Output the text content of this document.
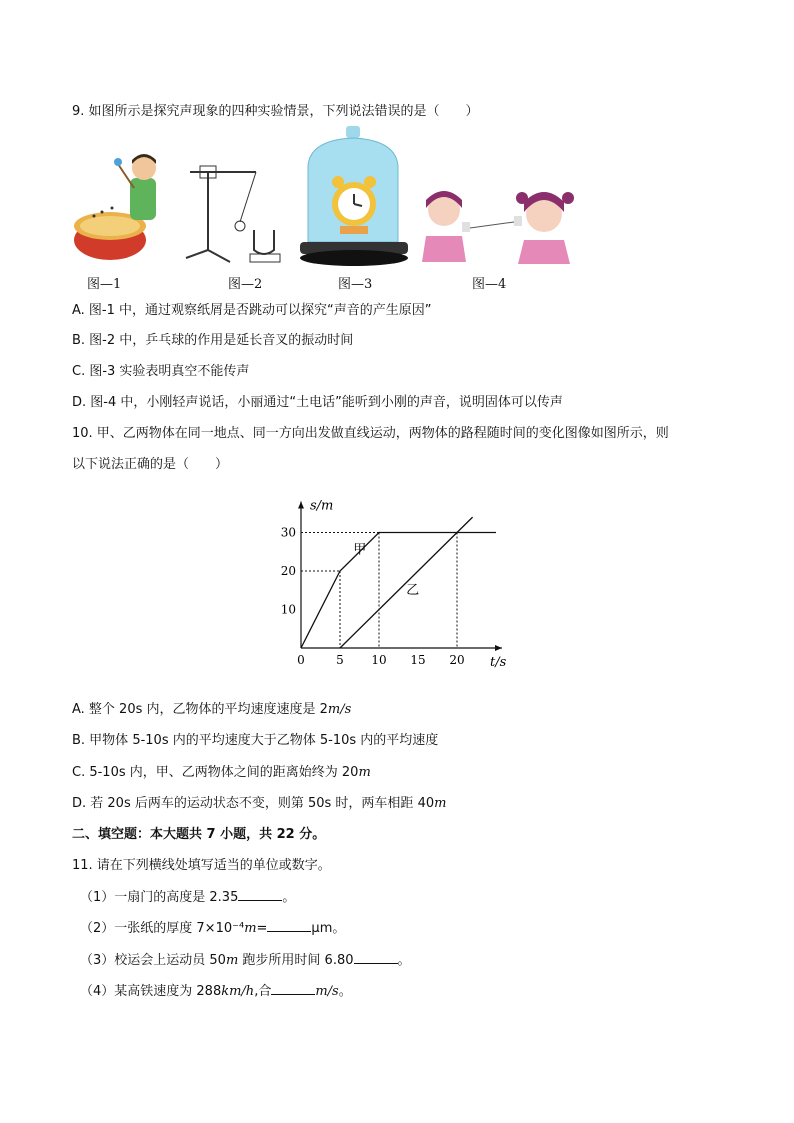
9. 如图所示是探究声现象的四种实验情景，下列说法错误的是（　　）
图—1	图—2	图—3	图—4
A. 图-1 中，通过观察纸屑是否跳动可以探究“声音的产生原因”
B. 图-2 中，乒乓球的作用是延长音叉的振动时间
C. 图-3 实验表明真空不能传声
D. 图-4 中，小刚轻声说话，小丽通过“土电话”能听到小刚的声音，说明固体可以传声
10. 甲、乙两物体在同一地点、同一方向出发做直线运动，两物体的路程随时间的变化图像如图所示，则
以下说法正确的是（　　）
s/m
t/s
0	5 10 15 20
10
20
30
甲
乙
A. 整个 20s 内，乙物体的平均速度速度是 2m/s
B. 甲物体 5-10s 内的平均速度大于乙物体 5-10s 内的平均速度
C. 5-10s 内，甲、乙两物体之间的距离始终为 20m
D. 若 20s 后两车的运动状态不变，则第 50s 时，两车相距 40m
二、填空题：本大题共 7 小题，共 22 分。
11. 请在下列横线处填写适当的单位或数字。
（1）一扇门的高度是 2.35	。
（2）一张纸的厚度 7×10⁻⁴m=	μm。
（3）校运会上运动员 50m 跑步所用时间 6.80	。
（4）某高铁速度为 288km/h,合	m/s。
